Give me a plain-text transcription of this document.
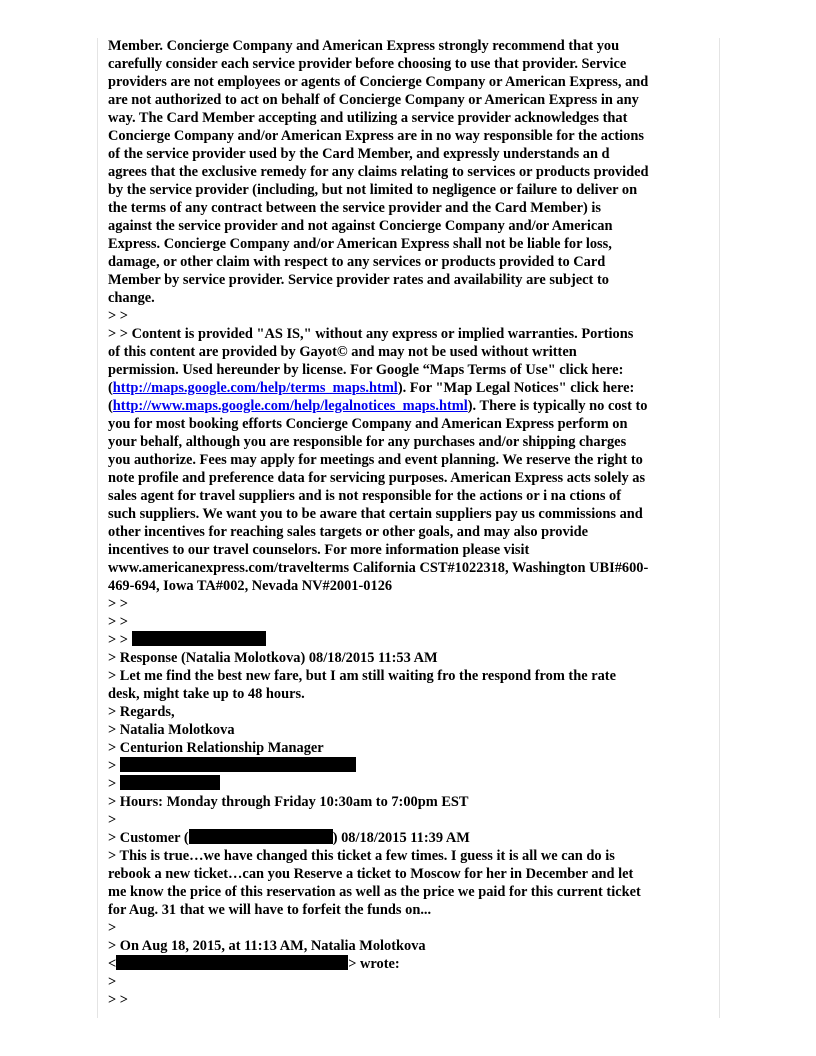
Member. Concierge Company and American Express strongly recommend that you
carefully consider each service provider before choosing to use that provider. Service
providers are not employees or agents of Concierge Company or American Express, and
are not authorized to act on behalf of Concierge Company or American Express in any
way. The Card Member accepting and utilizing a service provider acknowledges that
Concierge Company and/or American Express are in no way responsible for the actions
of the service provider used by the Card Member, and expressly understands an d
agrees that the exclusive remedy for any claims relating to services or products provided
by the service provider (including, but not limited to negligence or failure to deliver on
the terms of any contract between the service provider and the Card Member) is
against the service provider and not against Concierge Company and/or American
Express. Concierge Company and/or American Express shall not be liable for loss,
damage, or other claim with respect to any services or products provided to Card
Member by service provider. Service provider rates and availability are subject to
change.
> >
> > Content is provided "AS IS," without any express or implied warranties. Portions
of this content are provided by Gayot© and may not be used without written
permission. Used hereunder by license. For Google “Maps Terms of Use" click here:
(http://maps.google.com/help/terms_maps.html). For "Map Legal Notices" click here:
(http://www.maps.google.com/help/legalnotices_maps.html). There is typically no cost to
you for most booking efforts Concierge Company and American Express perform on
your behalf, although you are responsible for any purchases and/or shipping charges
you authorize. Fees may apply for meetings and event planning. We reserve the right to
note profile and preference data for servicing purposes. American Express acts solely as
sales agent for travel suppliers and is not responsible for the actions or i na ctions of
such suppliers. We want you to be aware that certain suppliers pay us commissions and
other incentives for reaching sales targets or other goals, and may also provide
incentives to our travel counselors. For more information please visit
www.americanexpress.com/travelterms California CST#1022318, Washington UBI#600-
469-694, Iowa TA#002, Nevada NV#2001-0126
> >
> >
> >
> Response (Natalia Molotkova) 08/18/2015 11:53 AM
> Let me find the best new fare, but I am still waiting fro the respond from the rate
desk, might take up to 48 hours.
> Regards,
> Natalia Molotkova
> Centurion Relationship Manager
>
>
> Hours: Monday through Friday 10:30am to 7:00pm EST
>
> Customer (	) 08/18/2015 11:39 AM
> This is true…we have changed this ticket a few times. I guess it is all we can do is
rebook a new ticket…can you Reserve a ticket to Moscow for her in December and let
me know the price of this reservation as well as the price we paid for this current ticket
for Aug. 31 that we will have to forfeit the funds on...
>
> On Aug 18, 2015, at 11:13 AM, Natalia Molotkova
<	> wrote:
>
> >
